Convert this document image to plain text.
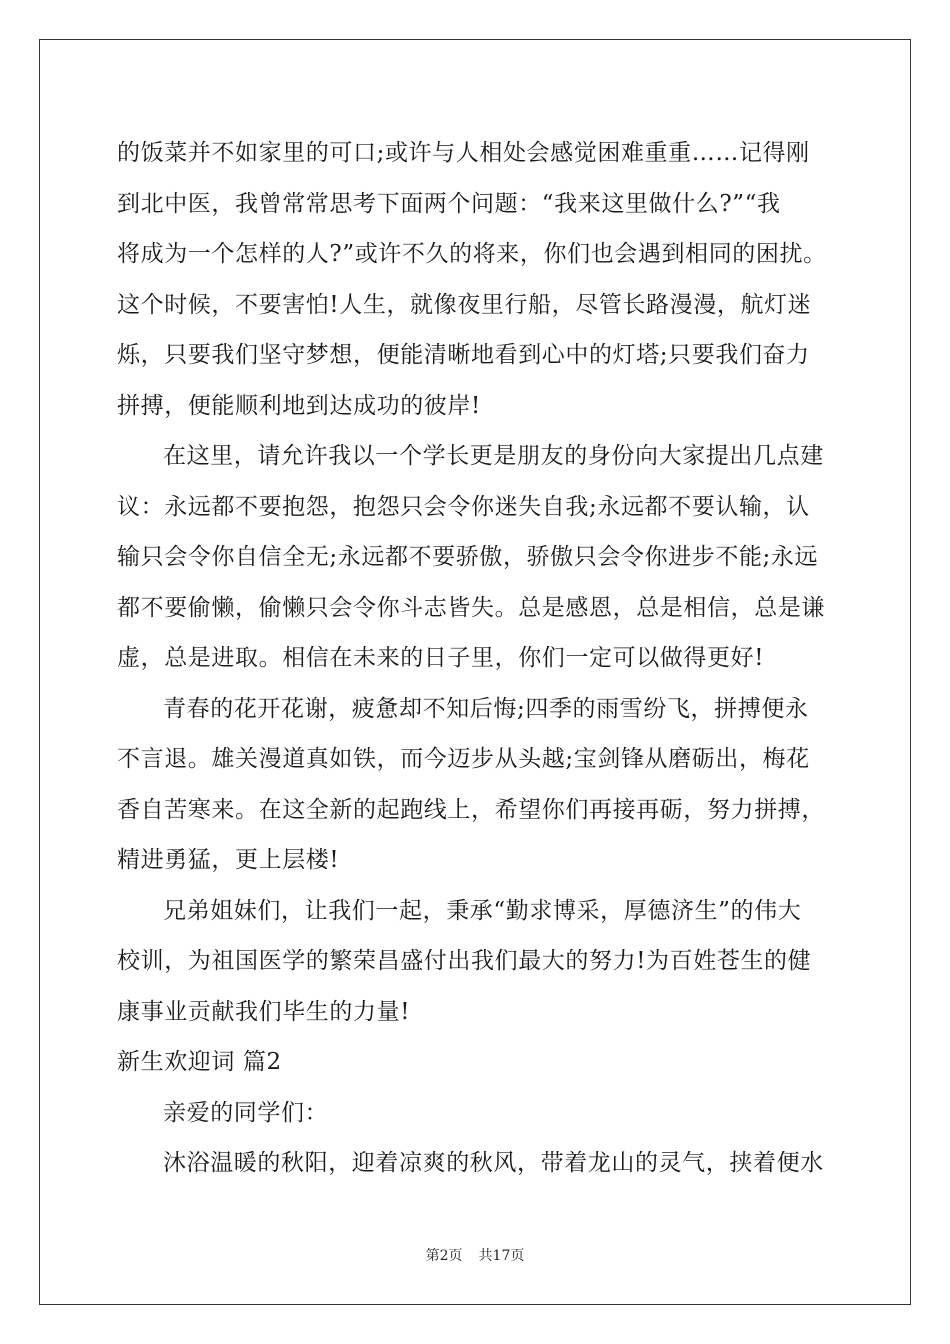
的饭菜并不如家里的可口;或许与人相处会感觉困难重重……记得刚
到北中医，我曾常常思考下面两个问题：“我来这里做什么?”“我
将成为一个怎样的人?”或许不久的将来，你们也会遇到相同的困扰。
这个时候，不要害怕!人生，就像夜里行船，尽管长路漫漫，航灯迷
烁，只要我们坚守梦想，便能清晰地看到心中的灯塔;只要我们奋力
拼搏，便能顺利地到达成功的彼岸!

在这里，请允许我以一个学长更是朋友的身份向大家提出几点建
议：永远都不要抱怨，抱怨只会令你迷失自我;永远都不要认输，认
输只会令你自信全无;永远都不要骄傲，骄傲只会令你进步不能;永远
都不要偷懒，偷懒只会令你斗志皆失。总是感恩，总是相信，总是谦
虚，总是进取。相信在未来的日子里，你们一定可以做得更好!

青春的花开花谢，疲惫却不知后悔;四季的雨雪纷飞，拼搏便永
不言退。雄关漫道真如铁，而今迈步从头越;宝剑锋从磨砺出，梅花
香自苦寒来。在这全新的起跑线上，希望你们再接再砺，努力拼搏，
精进勇猛，更上层楼!

兄弟姐妹们，让我们一起，秉承“勤求博采，厚德济生”的伟大
校训，为祖国医学的繁荣昌盛付出我们最大的努力!为百姓苍生的健
康事业贡献我们毕生的力量!

新生欢迎词 篇2

亲爱的同学们：

沐浴温暖的秋阳，迎着凉爽的秋风，带着龙山的灵气，挟着便水

第2页 共17页
